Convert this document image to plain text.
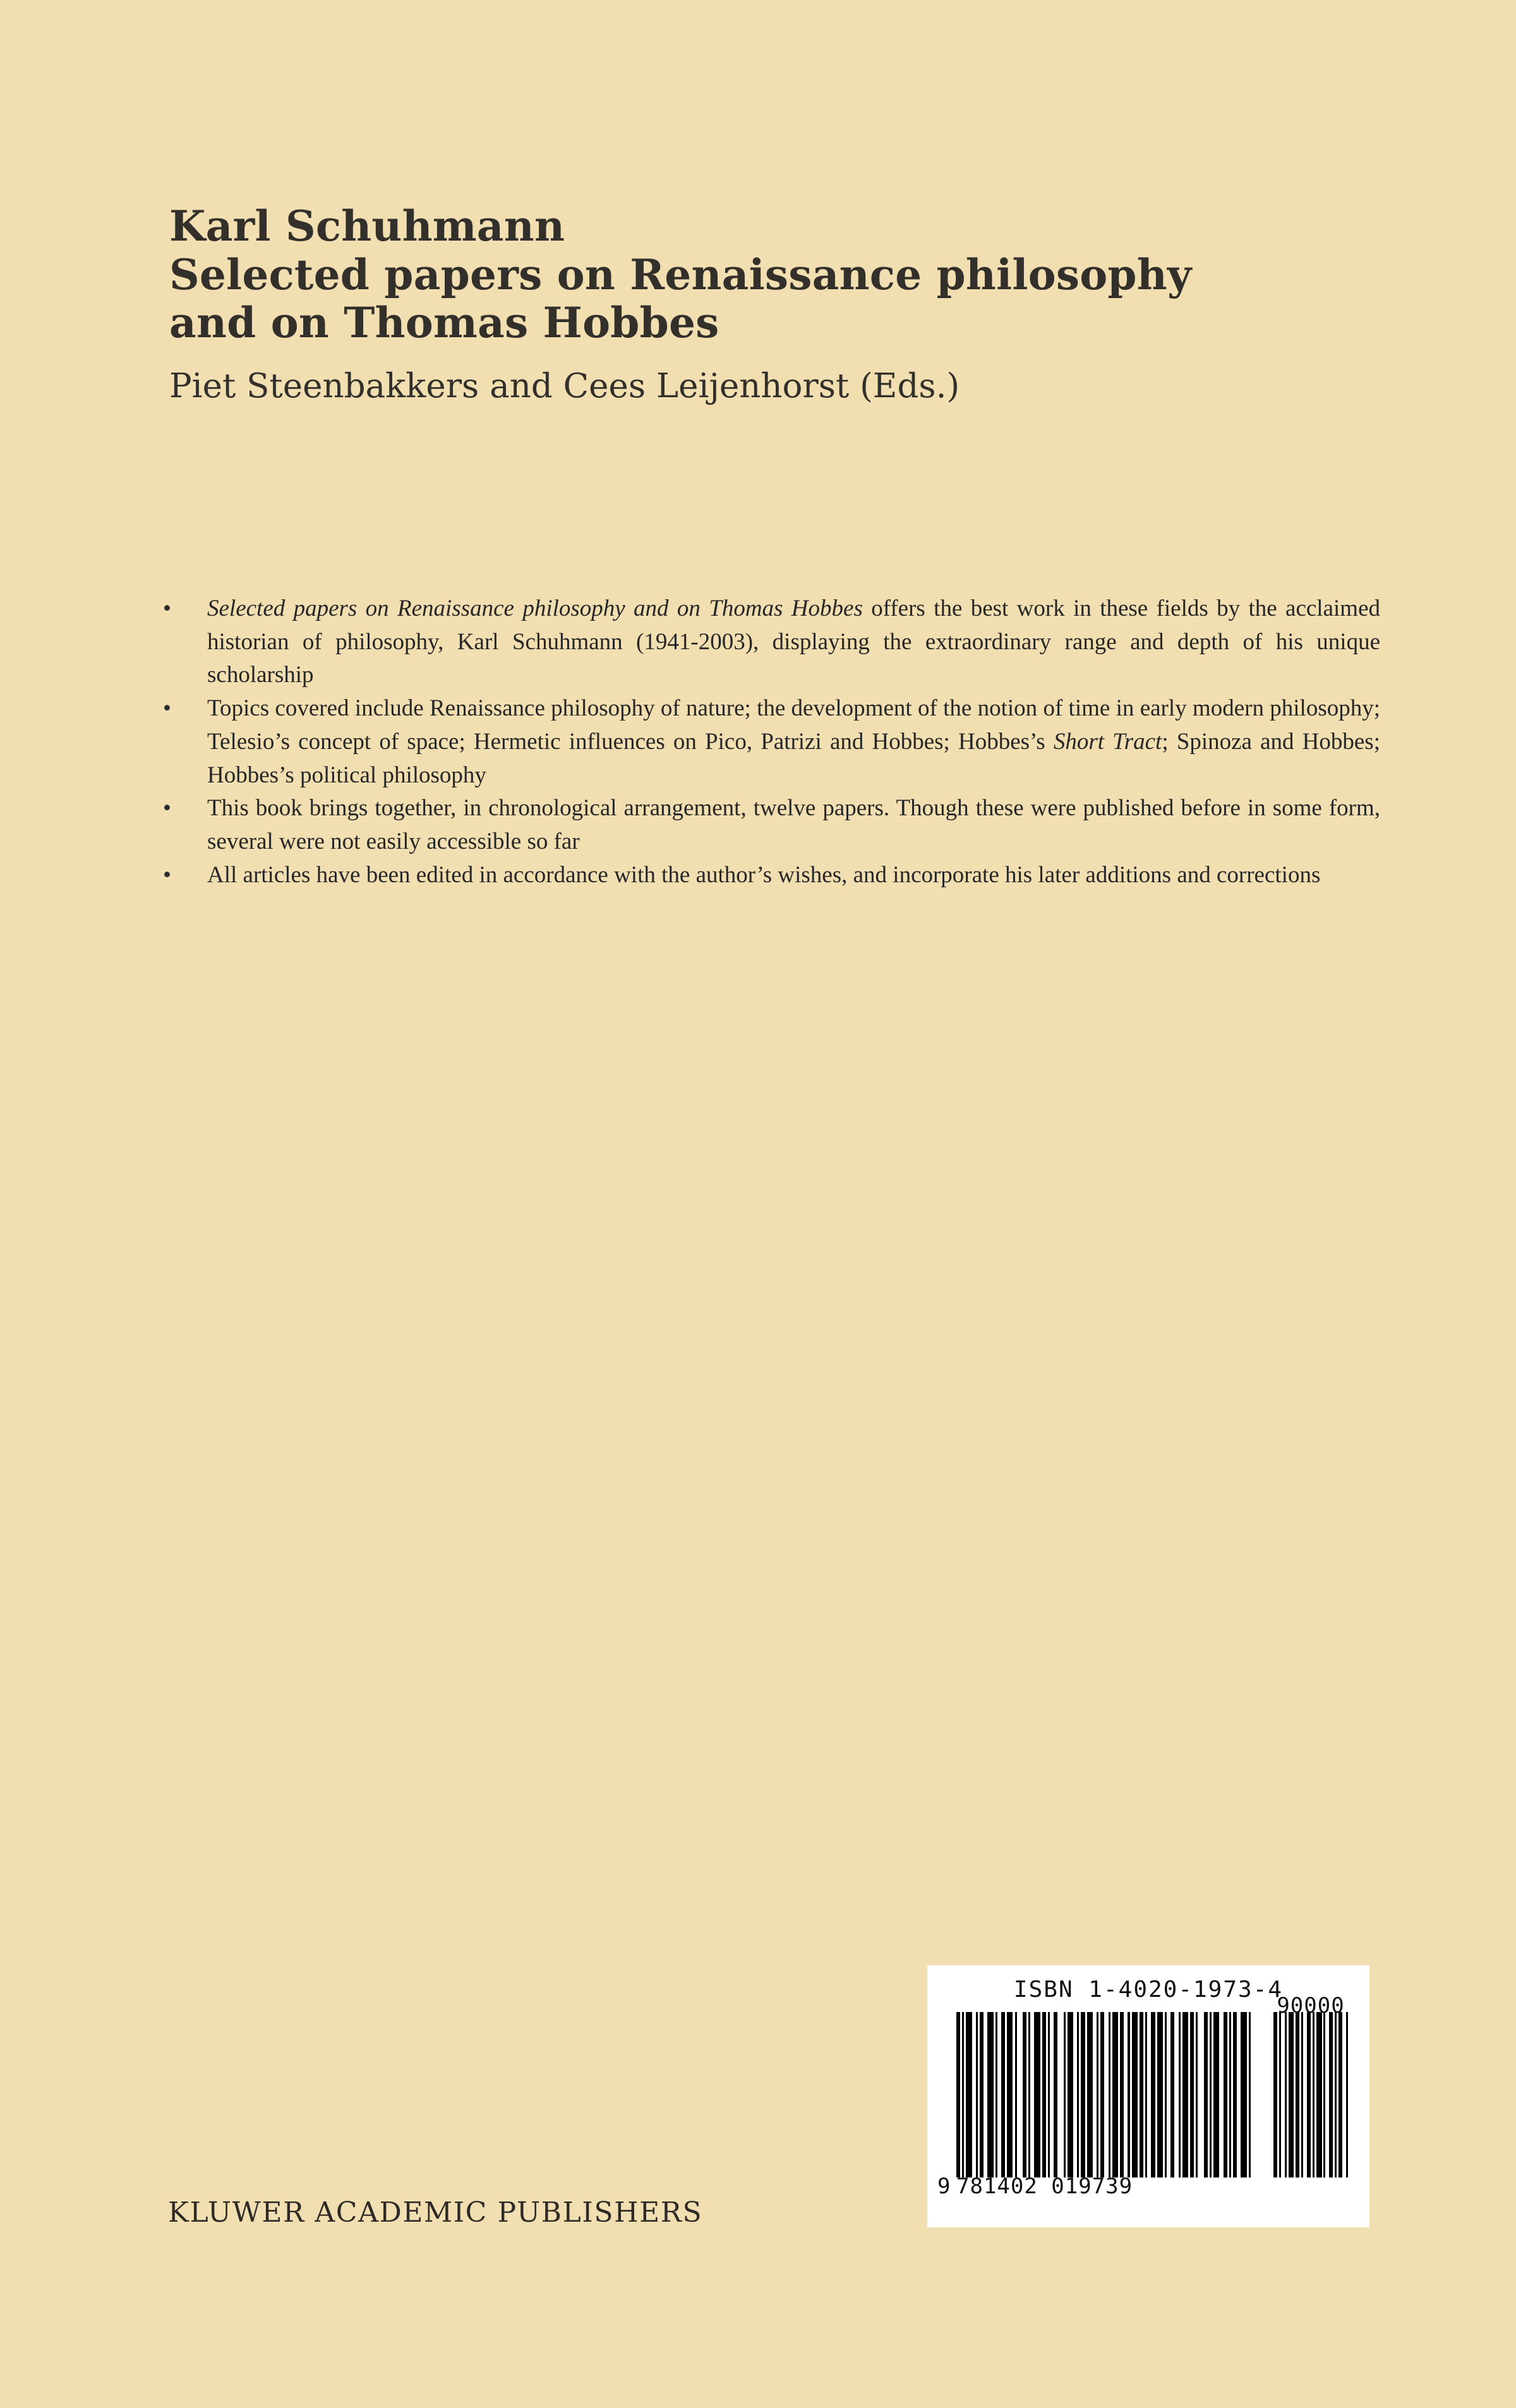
Karl Schuhmann
Selected papers on Renaissance philosophy
and on Thomas Hobbes
Piet Steenbakkers and Cees Leijenhorst (Eds.)
•	Selected papers on Renaissance philosophy and on Thomas Hobbes offers the best work in these fields by the acclaimed historian of philosophy, Karl Schuhmann (1941-2003), displaying the extraordinary range and depth of his unique scholarship
•	Topics covered include Renaissance philosophy of nature; the development of the notion of time in early modern philosophy; Telesio’s concept of space; Hermetic influences on Pico, Patrizi and Hobbes; Hobbes’s Short Tract; Spinoza and Hobbes; Hobbes’s political philosophy
•	This book brings together, in chronological arrangement, twelve papers. Though these were published before in some form, several were not easily accessible so far
•	All articles have been edited in accordance with the author’s wishes, and incorporate his later additions and corrections
KLUWER ACADEMIC PUBLISHERS
ISBN 1-4020-1973-4
90000
9 781402 019739
